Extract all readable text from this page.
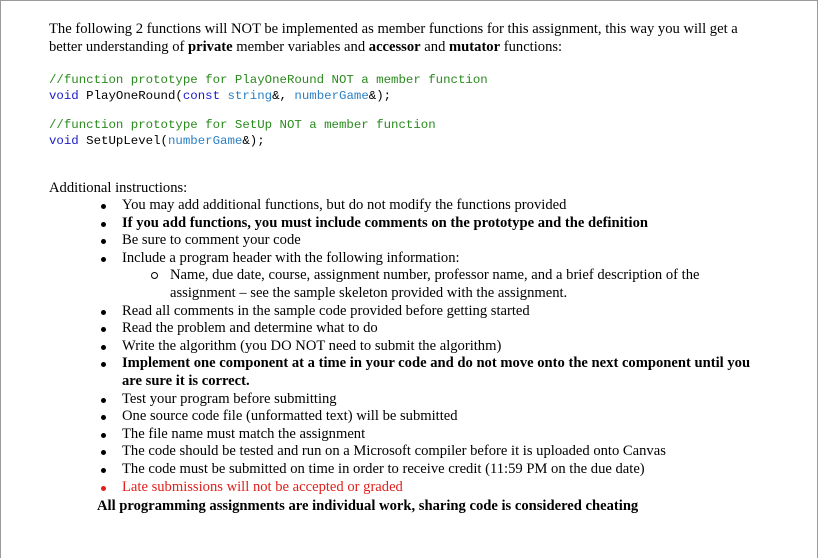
The following 2 functions will NOT be implemented as member functions for this assignment, this way you will get a
better understanding of private member variables and accessor and mutator functions:

//function prototype for PlayOneRound NOT a member function
void PlayOneRound(const string&, numberGame&);
//function prototype for SetUp NOT a member function
void SetUpLevel(numberGame&);
Additional instructions:
You may add additional functions, but do not modify the functions provided
If you add functions, you must include comments on the prototype and the definition
Be sure to comment your code
Include a program header with the following information:
Name, due date, course, assignment number, professor name, and a brief description of the
assignment – see the sample skeleton provided with the assignment.
Read all comments in the sample code provided before getting started
Read the problem and determine what to do
Write the algorithm (you DO NOT need to submit the algorithm)
Implement one component at a time in your code and do not move onto the next component until you
are sure it is correct.
Test your program before submitting
One source code file (unformatted text) will be submitted
The file name must match the assignment
The code should be tested and run on a Microsoft compiler before it is uploaded onto Canvas
The code must be submitted on time in order to receive credit (11:59 PM on the due date)
Late submissions will not be accepted or graded
All programming assignments are individual work, sharing code is considered cheating
